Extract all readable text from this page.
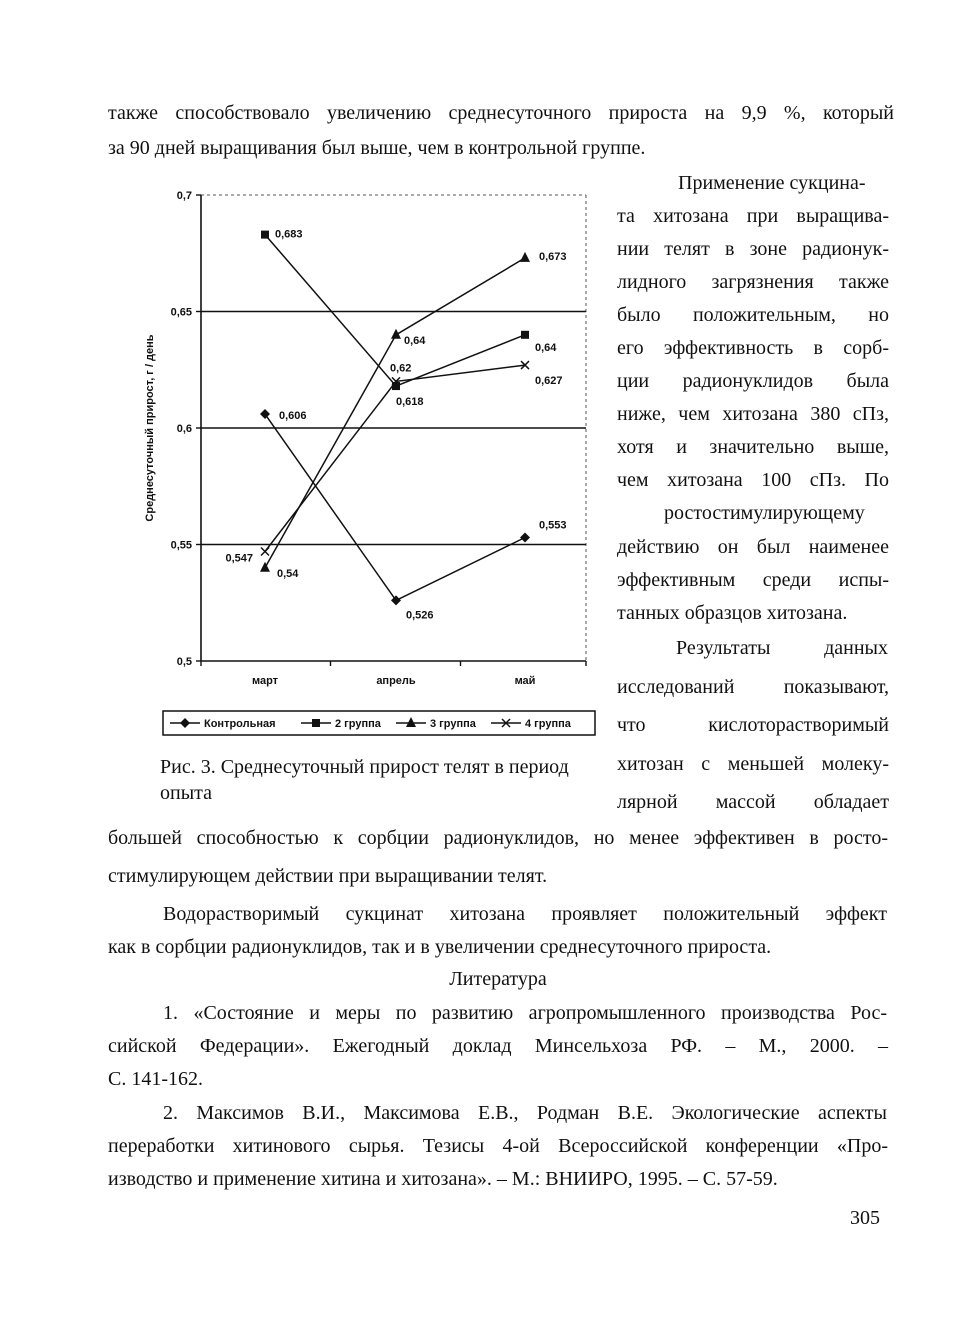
также способствовало увеличению среднесуточного прироста на 9,9 %, который
за 90 дней выращивания был выше, чем в контрольной группе.
Применение сукцина-
та хитозана при выращива-
нии телят в зоне радионук-
лидного загрязнения также
было положительным, но
его эффективность в сорб-
ции радионуклидов была
ниже, чем хитозана 380 сПз,
хотя и значительно выше,
чем хитозана 100 сПз. По
ростостимулирующему
действию он был наименее
эффективным среди испы-
танных образцов хитозана.
Результаты данных
исследований показывают,
что кислоторастворимый
хитозан с меньшей молеку-
лярной массой обладает
0,5
0,55
0,6
0,65
0,7
март	апрель	май
Среднесуточный прирост, г / день	0,606
0,526
0,553
0,683
0,618
0,64
0,54
0,64
0,673
0,547
0,62
0,627
Контрольная	2 группа	3 группа	4 группа
Рис. 3. Среднесуточный прирост телят в период опыта
большей способностью к сорбции радионуклидов, но менее эффективен в росто-
стимулирующем действии при выращивании телят.
Водорастворимый сукцинат хитозана проявляет положительный эффект
как в сорбции радионуклидов, так и в увеличении среднесуточного прироста.
Литература
1. «Состояние и меры по развитию агропромышленного производства Рос-
сийской Федерации». Ежегодный доклад Минсельхоза РФ. – М., 2000. –
С. 141-162.
2. Максимов В.И., Максимова Е.В., Родман В.Е. Экологические аспекты
переработки хитинового сырья. Тезисы 4-ой Всероссийской конференции «Про-
изводство и применение хитина и хитозана». – М.: ВНИИРО, 1995. – С. 57-59.
305
